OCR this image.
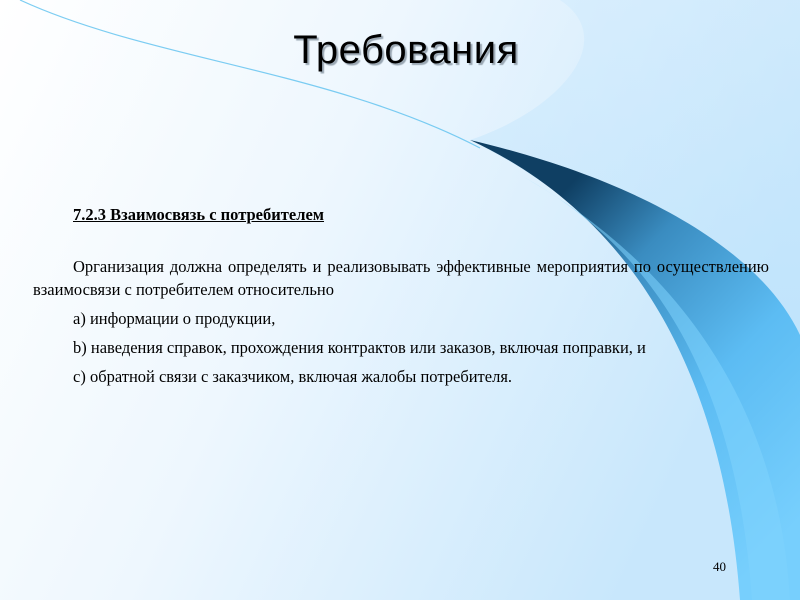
Требования

7.2.3 Взаимосвязь с потребителем

Организация должна определять и реализовывать эффективные мероприятия по осуществлению взаимосвязи с потребителем относительно

a) информации о продукции,

b) наведения справок, прохождения контрактов или заказов, включая поправки, и

c) обратной связи с заказчиком, включая жалобы потребителя.

40
